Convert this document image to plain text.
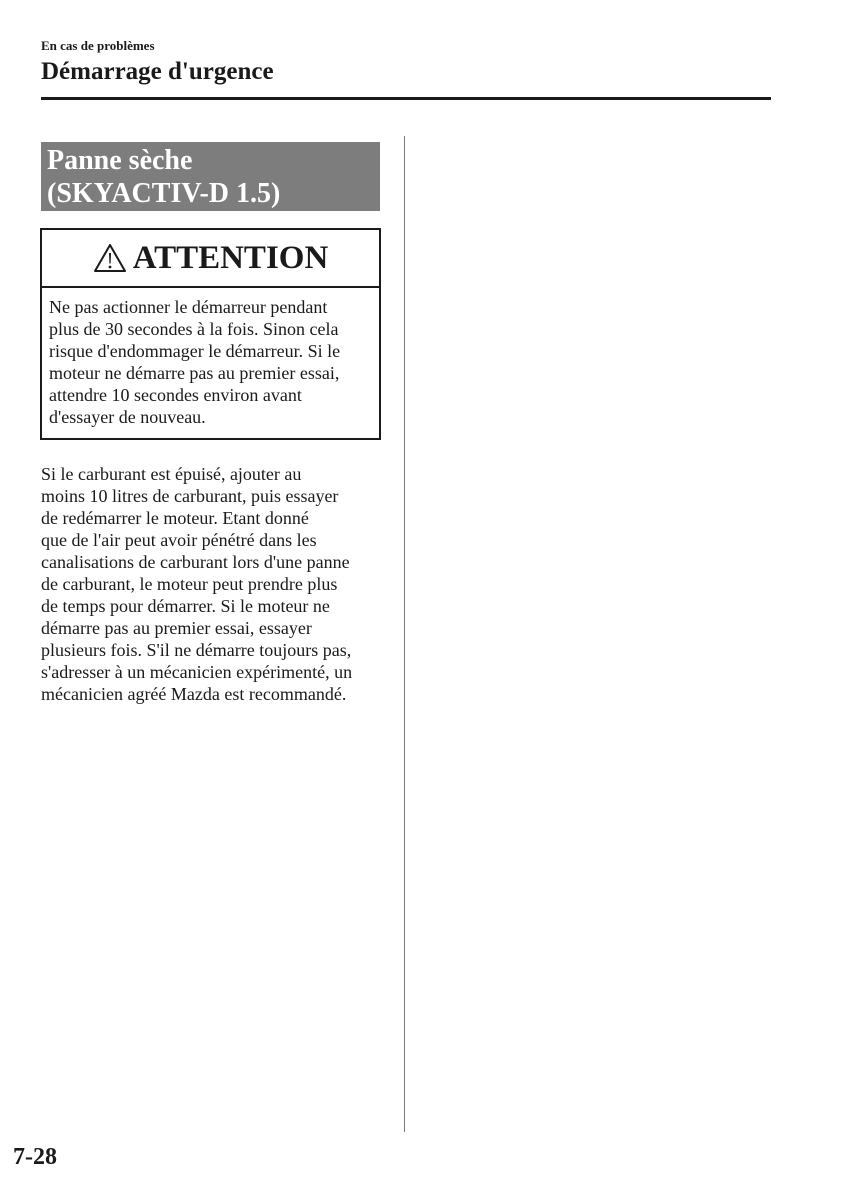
En cas de problèmes
Démarrage d'urgence
Panne sèche
(SKYACTIV-D 1.5)
ATTENTION
Ne pas actionner le démarreur pendant
plus de 30 secondes à la fois. Sinon cela
risque d'endommager le démarreur. Si le
moteur ne démarre pas au premier essai,
attendre 10 secondes environ avant
d'essayer de nouveau.
Si le carburant est épuisé, ajouter au
moins 10 litres de carburant, puis essayer
de redémarrer le moteur. Etant donné
que de l'air peut avoir pénétré dans les
canalisations de carburant lors d'une panne
de carburant, le moteur peut prendre plus
de temps pour démarrer. Si le moteur ne
démarre pas au premier essai, essayer
plusieurs fois. S'il ne démarre toujours pas,
s'adresser à un mécanicien expérimenté, un
mécanicien agréé Mazda est recommandé.
7-28
